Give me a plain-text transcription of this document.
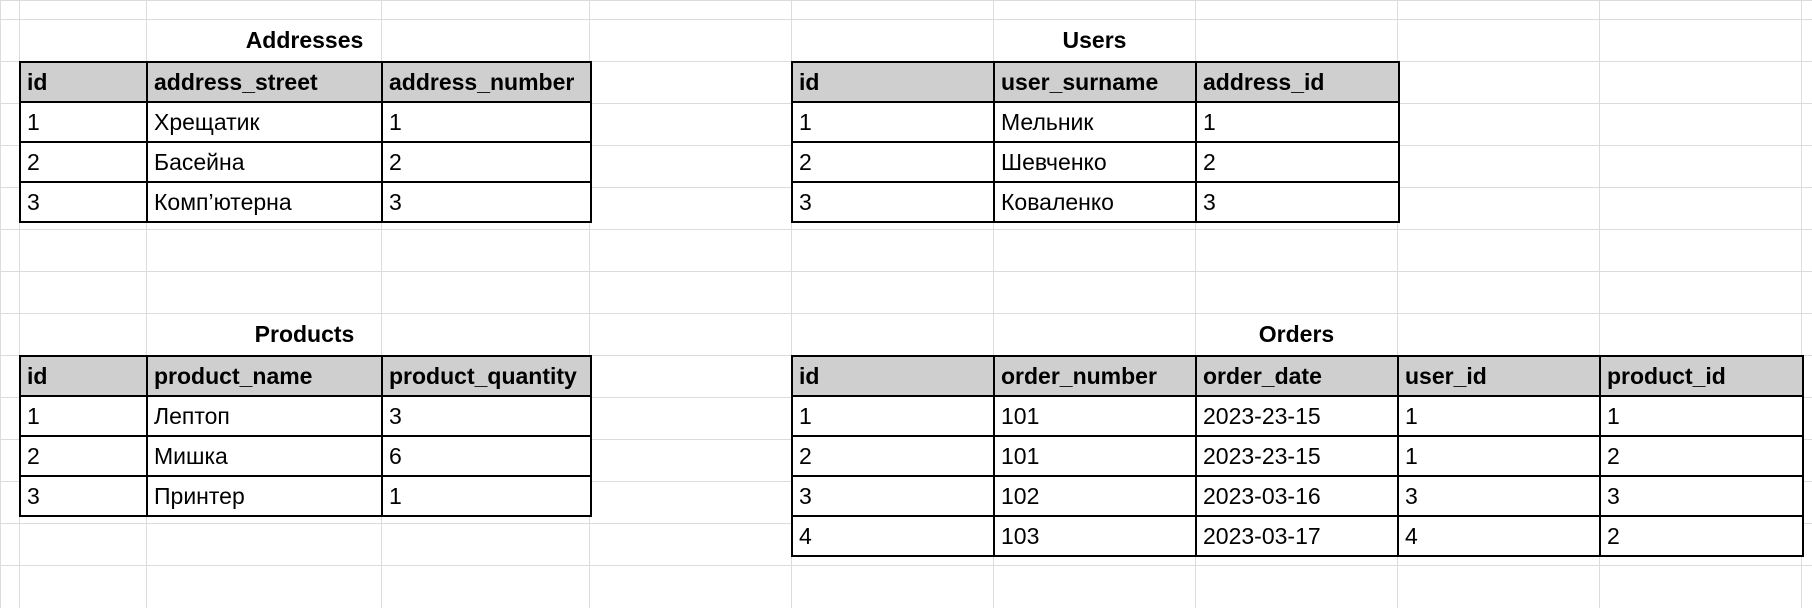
Addresses
id	address_street	address_number
1	Хрещатик	1
2	Басейна	2
3	Комп’ютерна	3
Users
id	user_surname	address_id
1	Мельник	1
2	Шевченко	2
3	Коваленко	3
Products
id	product_name	product_quantity
1	Лептоп	3
2	Мишка	6
3	Принтер	1
Orders
id	order_number	order_date	user_id	product_id
1	101	2023-23-15	1	1
2	101	2023-23-15	1	2
3	102	2023-03-16	3	3
4	103	2023-03-17	4	2
